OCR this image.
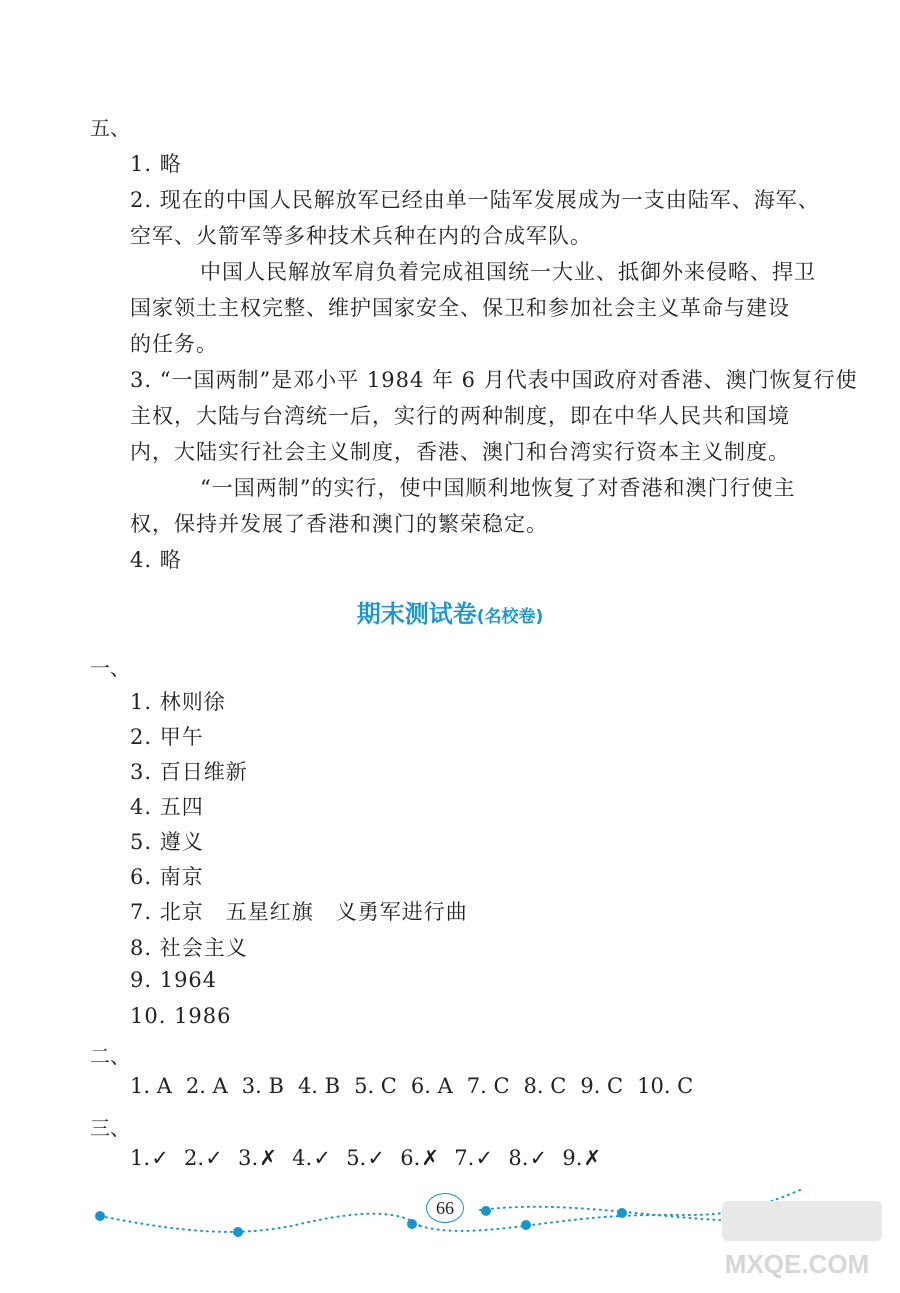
五、
1. 略
2. 现在的中国人民解放军已经由单一陆军发展成为一支由陆军、海军、
空军、火箭军等多种技术兵种在内的合成军队。
中国人民解放军肩负着完成祖国统一大业、抵御外来侵略、捍卫
国家领土主权完整、维护国家安全、保卫和参加社会主义革命与建设
的任务。
3. “一国两制”是邓小平 1984 年 6 月代表中国政府对香港、澳门恢复行使
主权，大陆与台湾统一后，实行的两种制度，即在中华人民共和国境
内，大陆实行社会主义制度，香港、澳门和台湾实行资本主义制度。
“一国两制”的实行，使中国顺利地恢复了对香港和澳门行使主
权，保持并发展了香港和澳门的繁荣稳定。
4. 略
期末测试卷(名校卷)
一、
1. 林则徐
2. 甲午
3. 百日维新
4. 五四
5. 遵义
6. 南京
7. 北京　五星红旗　义勇军进行曲
8. 社会主义
9. 1964
10. 1986
二、
1. A 2. A 3. B 4. B 5. C 6. A 7. C 8. C 9. C 10. C
三、
1.✓ 2.✓ 3.✗ 4.✓ 5.✓ 6.✗ 7.✓ 8.✓ 9.✗
66
MXQE.COM
